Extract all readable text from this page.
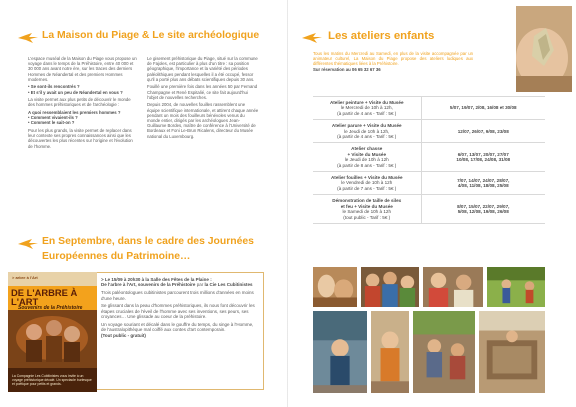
La Maison du Piage & Le site archéologique

L'espace muséal de la Maison du Piage vous propose un voyage dans le temps de la Préhistoire, entre 40 000 et 30 000 ans avant notre ère, sur les traces des derniers Hommes de Néandertal et des premiers Hommes modernes.

• Se sont-ils rencontrés ?

• Et s'il y avait un peu de Néandertal en vous ?

La visite permet aux plus petits de découvrir le monde des hommes préhistoriques et de l'archéologie :

A quoi ressemblaient les premiers hommes ?

• Comment vivaient-ils ?

• Comment le sait-on ?

Pour les plus grands, la visite permet de replacer dans leur contexte ses propres connaissances ainsi que les découvertes les plus récentes sur l'origine et l'évolution de l'homme.

Le gisement préhistorique du Piage, situé sur la commune de Fajoles, est particulier à plus d'un titre : sa position géographique, l'importance et la variété des périodes paléolithiques pendant lesquelles il a été occupé, fessor qu'il a porté plus ans débats scientifiques depuis 30 ans.

Fouillé une première fois dans les années 50 par Fernand Champagne et René Espitalié, ce site fait aujourd'hui l'objet de nouvelles recherches.

Depuis 2004, de nouvelles fouilles rassemblent une équipe scientifique internationale, et attirent chaque année pendant un mois des fouilleurs bénévoles venus du monde entier, dirigés par les archéologues Jean-Guillaume Bordes, maître de conférence à l'Université de Bordeaux et Foni Le-Brun Ricalens, directeur du Musée national du Luxembourg.

En Septembre, dans le cadre des Journées
Européennes du Patrimoine…
> arbre à l'Art
DE L'ARBRE À L'ART
Souvenirs de la Préhistoire
La Compagnie Les Cubitinistes vous invite à un voyage préhistorique décalé. Un spectacle burlesque et poétique pour petits et grands.

> Le 15/09 à 20h30 à la Salle des Fêtes de la Plaine :

De l'arbre à l'Art, souvenirs de la Préhistoire par la Cie Les Cubitinistes

Trois paléontologues cubitinistes parcourent trois millions d'années en moins d'une heure.

Se glissant dans la peau d'hommes préhistoriques, ils nous font découvrir les étapes cruciales de l'éveil de l'homme avec ses inventions, ses peurs, ses croyances… Une glissade au coeur de la préhistoire.

Un voyage souriant et décalé dans le gouffre du temps, du singe à l'Homme, de l'australopithèque mal coiffé aux contes d'art contemporain.

(Tout public - gratuit)

Les ateliers enfants

Tous les matins du Mercredi au Samedi, en plus de la visite accompagnée par un animateur culturel, La Maison du Piage propose des ateliers ludiques aux différentes thématiques liées à la Préhistoire.

Sur réservation au 06 65 32 67 36

Atelier peinture + Visite du Musée
le Mercredi de 10h à 12h,
(à partir de 4 ans - Tarif : 5€ )	5/07, 19/07, 2/08, 16/08 et 30/08

Atelier parure + Visite du Musée
le Jeudi de 10h à 12h,
(à partir de 4 ans - Tarif : 5€ )	12/07, 26/07, 9/08, 23/08

Atelier chasse
+ Visite du Musée
le Jeudi de 10h à 12h
(à partir de 8 ans - Tarif : 5€ )	6/07, 13/07, 20/07, 27/07
10/08, 17/08, 24/08, 31/08

Atelier fouilles + Visite du Musée
le Vendredi de 10h à 12h
(à partir de 7 ans - Tarif : 5€ )	7/07, 14/07, 24/07, 28/07,
4/08, 11/08, 18/08, 25/08

Démonstration de taille de silex
et feu + Visite du Musée
le Samedi de 10h à 12h
(tout public - Tarif : 5€ )	8/07, 15/07, 22/07, 29/07,
5/08, 12/08, 19/08, 26/08
